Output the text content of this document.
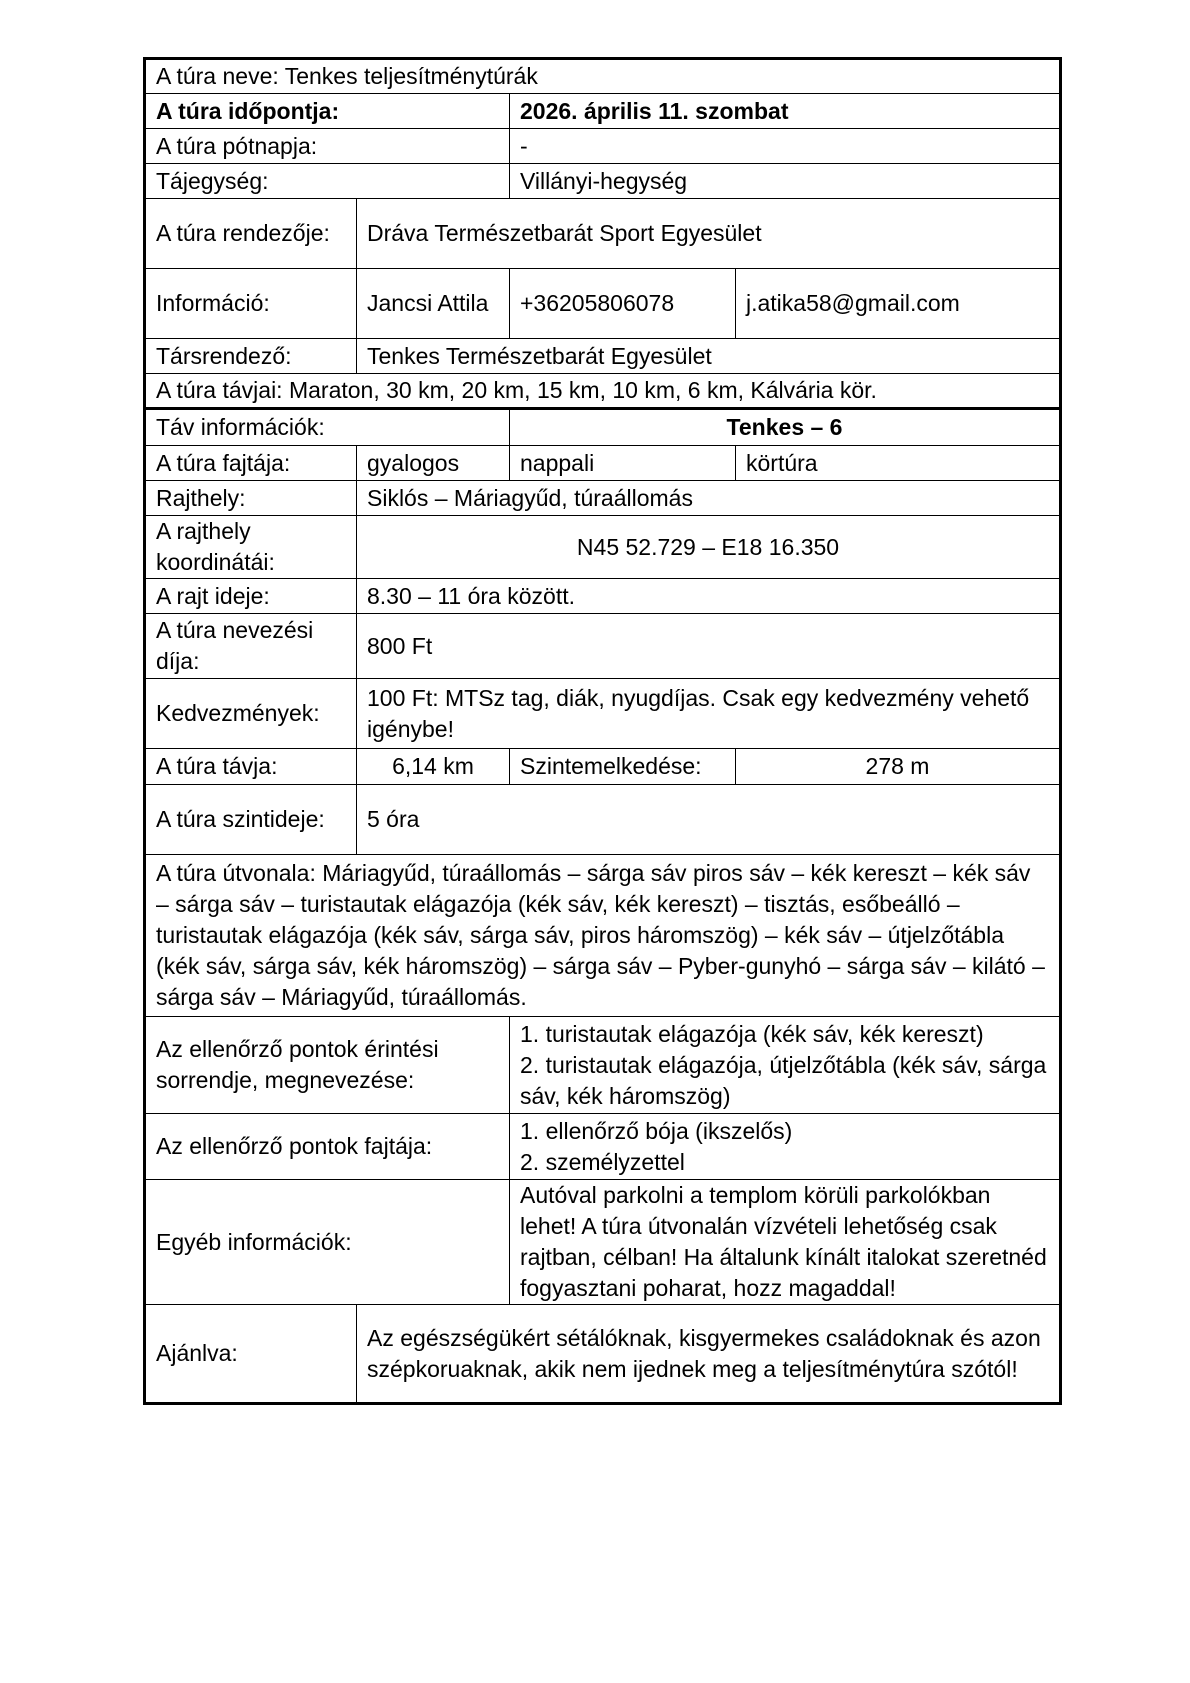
A túra neve: Tenkes teljesítménytúrák			
A túra időpontja:		2026. április 11. szombat	
A túra pótnapja:		-	
Tájegység:		Villányi-hegység	
A túra rendezője:	Dráva Természetbarát Sport Egyesület		
Információ:	Jancsi Attila	+36205806078	j.atika58@gmail.com
Társrendező:	Tenkes Természetbarát Egyesület		
A túra távjai: Maraton, 30 km, 20 km, 15 km, 10 km, 6 km, Kálvária kör.			
Táv információk:		Tenkes – 6	
A túra fajtája:	gyalogos	nappali	körtúra
Rajthely:	Siklós – Máriagyűd, túraállomás		
A rajthely koordinátái:	N45 52.729 – E18 16.350		
A rajt ideje:	8.30 – 11 óra között.		
A túra nevezési díja:	800 Ft		
Kedvezmények:	100 Ft: MTSz tag, diák, nyugdíjas. Csak egy kedvezmény vehető igénybe!		
A túra távja:	6,14 km	Szintemelkedése:	278 m
A túra szintideje:	5 óra		
A túra útvonala: Máriagyűd, túraállomás – sárga sáv piros sáv – kék kereszt – kék sáv – sárga sáv – turistautak elágazója (kék sáv, kék kereszt) – tisztás, esőbeálló – turistautak elágazója (kék sáv, sárga sáv, piros háromszög) – kék sáv – útjelzőtábla (kék sáv, sárga sáv, kék háromszög) – sárga sáv – Pyber-gunyhó – sárga sáv – kilátó – sárga sáv – Máriagyűd, túraállomás.			
Az ellenőrző pontok érintési sorrendje, megnevezése:		1. turistautak elágazója (kék sáv, kék kereszt)
2. turistautak elágazója, útjelzőtábla (kék sáv, sárga sáv, kék háromszög)	

Az ellenőrző pontok fajtája:		1. ellenőrző bója (ikszelős)
2. személyzettel	

Egyéb információk:		Autóval parkolni a templom körüli parkolókban lehet! A túra útvonalán vízvételi lehetőség csak rajtban, célban! Ha általunk kínált italokat szeretnéd fogyasztani poharat, hozz magaddal!	
Ajánlva:	Az egészségükért sétálóknak, kisgyermekes családoknak és azon szépkoruaknak, akik nem ijednek meg a teljesítménytúra szótól!		
